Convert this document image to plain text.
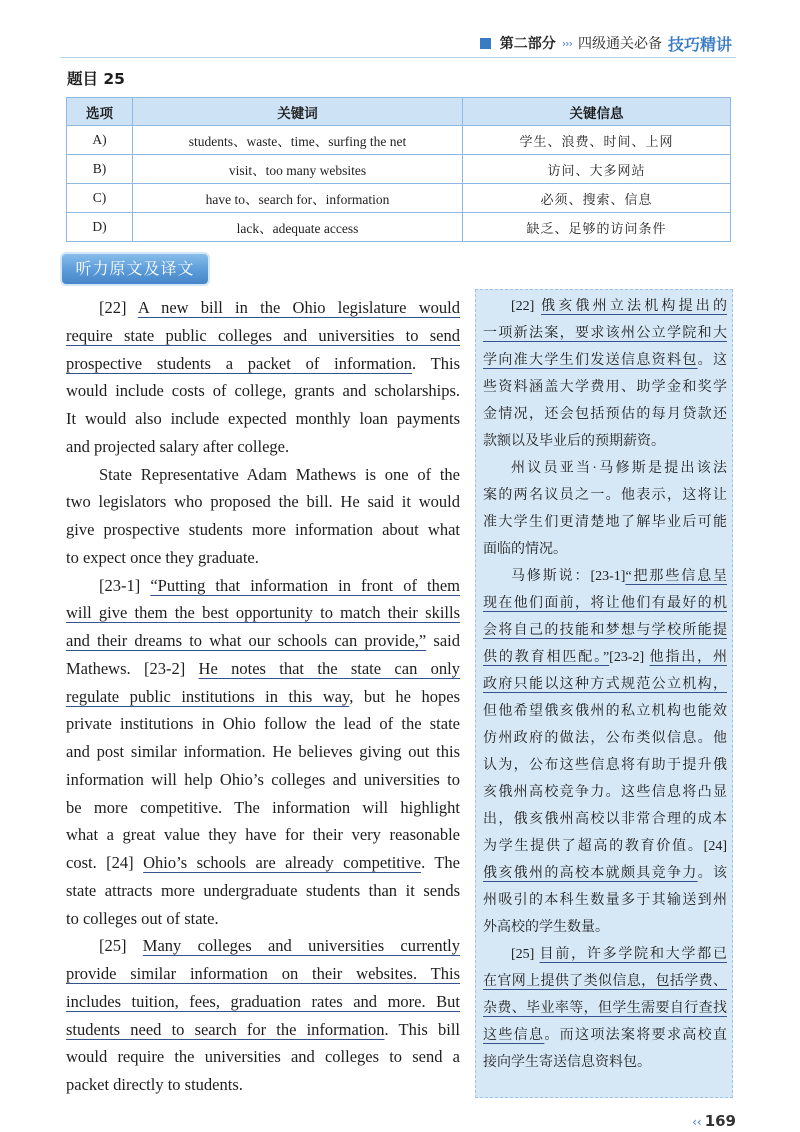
第二部分 ››› 四级通关必备 技巧精讲
题目 25
选项	关键词	关键信息
A)	students、waste、time、surfing the net	学生、浪费、时间、上网
B)	visit、too many websites	访问、大多网站
C)	have to、search for、information	必须、搜索、信息
D)	lack、adequate access	缺乏、足够的访问条件
听力原文及译文
[22] A new bill in the Ohio legislature would
require state public colleges and universities to send
prospective students a packet of information. This
would include costs of college, grants and scholarships.
It would also include expected monthly loan payments
and projected salary after college.
State Representative Adam Mathews is one of the
two legislators who proposed the bill. He said it would
give prospective students more information about what
to expect once they graduate.
[23-1] “Putting that information in front of them
will give them the best opportunity to match their skills
and their dreams to what our schools can provide,” said
Mathews. [23-2] He notes that the state can only
regulate public institutions in this way, but he hopes
private institutions in Ohio follow the lead of the state
and post similar information. He believes giving out this
information will help Ohio’s colleges and universities to
be more competitive. The information will highlight
what a great value they have for their very reasonable
cost. [24] Ohio’s schools are already competitive. The
state attracts more undergraduate students than it sends
to colleges out of state.
[25] Many colleges and universities currently
provide similar information on their websites. This
includes tuition, fees, graduation rates and more. But
students need to search for the information. This bill
would require the universities and colleges to send a
packet directly to students.
[22] 俄亥俄州立法机构提出的
一项新法案，要求该州公立学院和大
学向准大学生们发送信息资料包。这
些资料涵盖大学费用、助学金和奖学
金情况，还会包括预估的每月贷款还
款额以及毕业后的预期薪资。
州议员亚当·马修斯是提出该法
案的两名议员之一。他表示，这将让
准大学生们更清楚地了解毕业后可能
面临的情况。
马修斯说：[23-1]“把那些信息呈
现在他们面前，将让他们有最好的机
会将自己的技能和梦想与学校所能提
供的教育相匹配。”[23-2] 他指出，州
政府只能以这种方式规范公立机构，
但他希望俄亥俄州的私立机构也能效
仿州政府的做法，公布类似信息。他
认为，公布这些信息将有助于提升俄
亥俄州高校竞争力。这些信息将凸显
出，俄亥俄州高校以非常合理的成本
为学生提供了超高的教育价值。[24]
俄亥俄州的高校本就颇具竞争力。该
州吸引的本科生数量多于其输送到州
外高校的学生数量。
[25] 目前，许多学院和大学都已
在官网上提供了类似信息，包括学费、
杂费、毕业率等，但学生需要自行查找
这些信息。而这项法案将要求高校直
接向学生寄送信息资料包。
‹‹ 169
